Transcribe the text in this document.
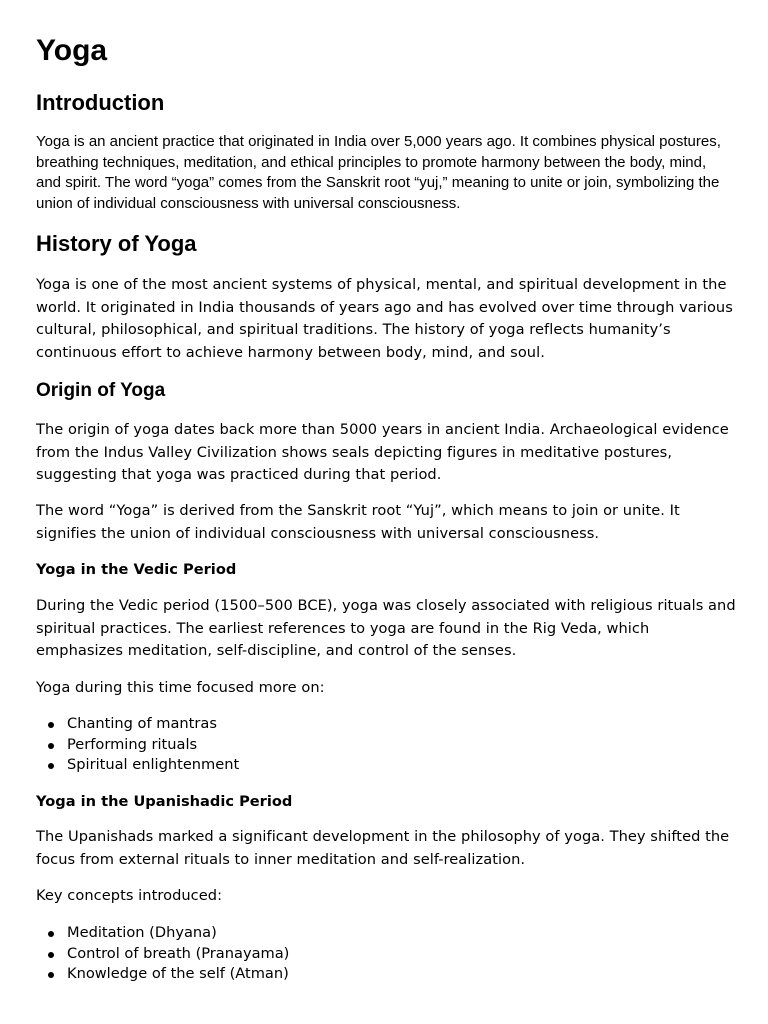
Yoga
Introduction

Yoga is an ancient practice that originated in India over 5,000 years ago. It combines physical postures, breathing techniques, meditation, and ethical principles to promote harmony between the body, mind, and spirit. The word “yoga” comes from the Sanskrit root “yuj,” meaning to unite or join, symbolizing the union of individual consciousness with universal consciousness.

History of Yoga

Yoga is one of the most ancient systems of physical, mental, and spiritual development in the world. It originated in India thousands of years ago and has evolved over time through various cultural, philosophical, and spiritual traditions. The history of yoga reflects humanity’s continuous effort to achieve harmony between body, mind, and soul.

Origin of Yoga

The origin of yoga dates back more than 5000 years in ancient India. Archaeological evidence from the Indus Valley Civilization shows seals depicting figures in meditative postures, suggesting that yoga was practiced during that period.

The word “Yoga” is derived from the Sanskrit root “Yuj”, which means to join or unite. It signifies the union of individual consciousness with universal consciousness.

Yoga in the Vedic Period

During the Vedic period (1500–500 BCE), yoga was closely associated with religious rituals and spiritual practices. The earliest references to yoga are found in the Rig Veda, which emphasizes meditation, self-discipline, and control of the senses.

Yoga during this time focused more on:

Chanting of mantras
Performing rituals
Spiritual enlightenment
Yoga in the Upanishadic Period

The Upanishads marked a significant development in the philosophy of yoga. They shifted the focus from external rituals to inner meditation and self-realization.

Key concepts introduced:

Meditation (Dhyana)
Control of breath (Pranayama)
Knowledge of the self (Atman)
